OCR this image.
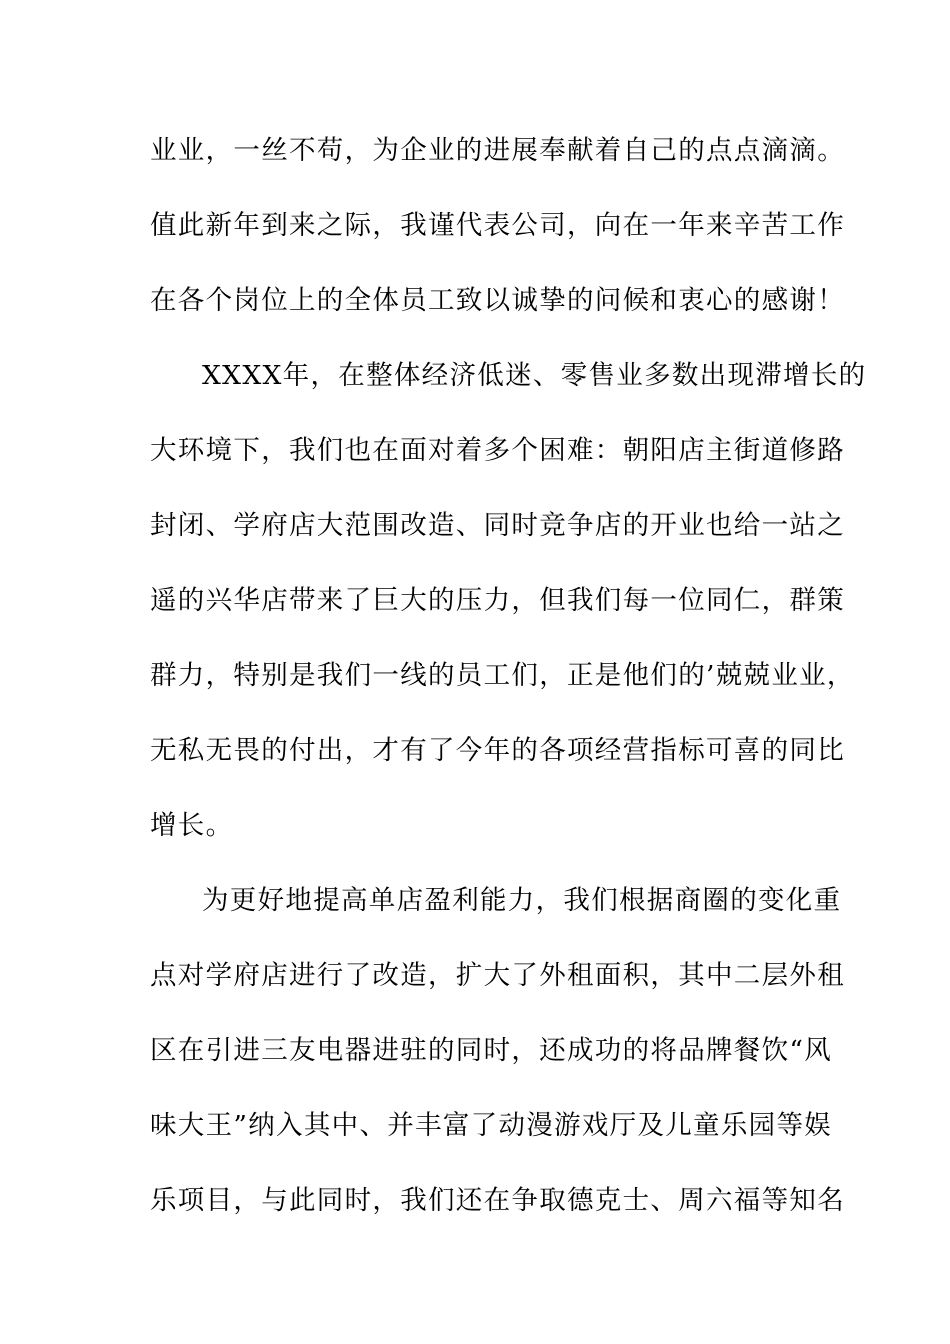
业业，一丝不苟，为企业的进展奉献着自己的点点滴滴。
值此新年到来之际，我谨代表公司，向在一年来辛苦工作
在各个岗位上的全体员工致以诚挚的问候和衷心的感谢！
XXXX年，在整体经济低迷、零售业多数出现滞增长的
大环境下，我们也在面对着多个困难：朝阳店主街道修路
封闭、学府店大范围改造、同时竞争店的开业也给一站之
遥的兴华店带来了巨大的压力，但我们每一位同仁，群策
群力，特别是我们一线的员工们，正是他们的’兢兢业业，
无私无畏的付出，才有了今年的各项经营指标可喜的同比
增长。
为更好地提高单店盈利能力，我们根据商圈的变化重
点对学府店进行了改造，扩大了外租面积，其中二层外租
区在引进三友电器进驻的同时，还成功的将品牌餐饮“风
味大王”纳入其中、并丰富了动漫游戏厅及儿童乐园等娱
乐项目，与此同时，我们还在争取德克士、周六福等知名
